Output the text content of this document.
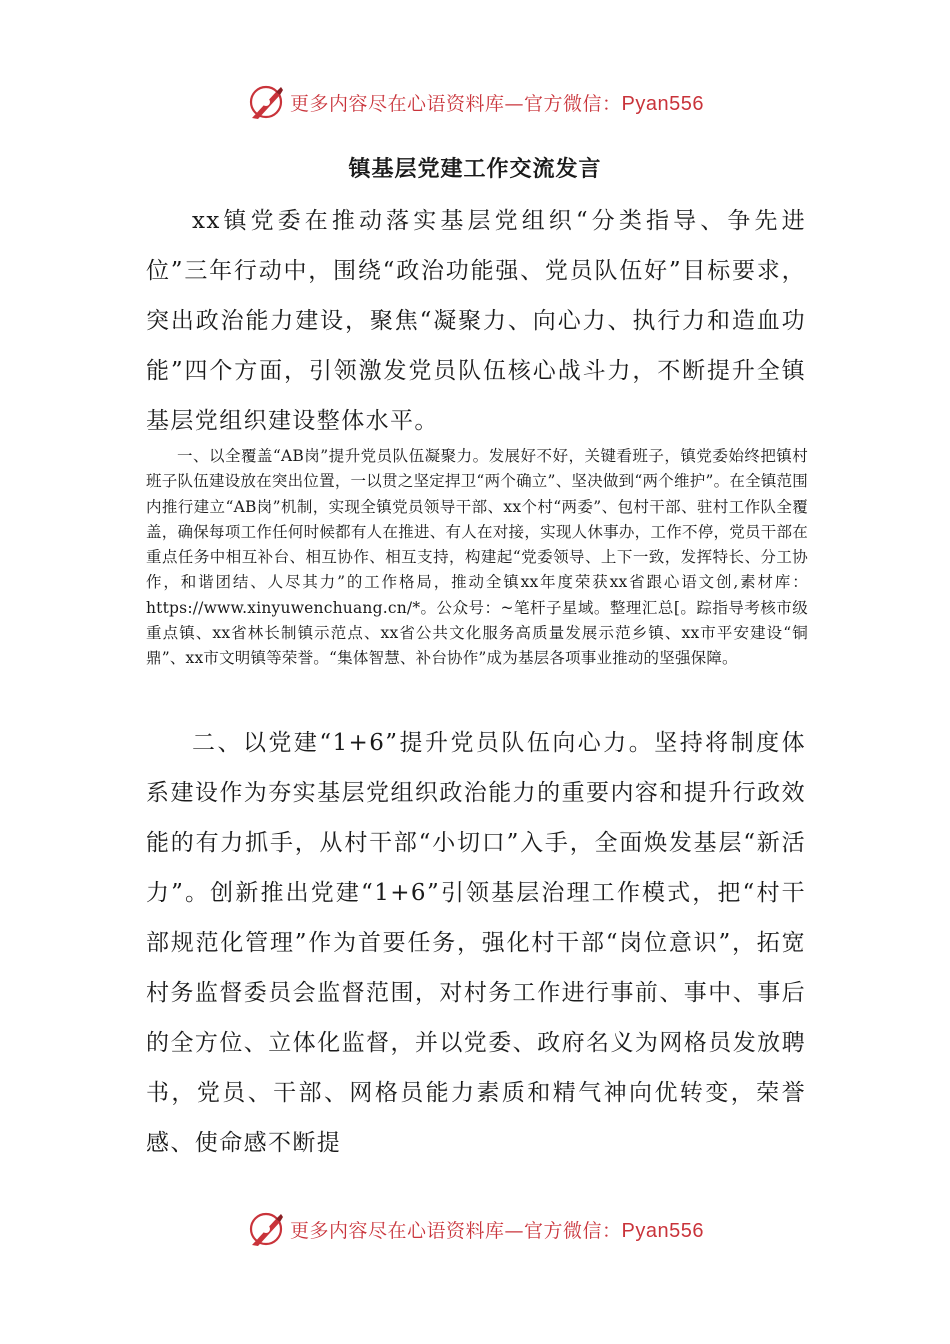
更多内容尽在心语资料库—官方微信：Pyan556
镇基层党建工作交流发言

xx镇党委在推动落实基层党组织“分类指导、争先进位”三年行动中，围绕“政治功能强、党员队伍好”目标要求，突出政治能力建设，聚焦“凝聚力、向心力、执行力和造血功能”四个方面，引领激发党员队伍核心战斗力，不断提升全镇基层党组织建设整体水平。

一、以全覆盖“AB岗”提升党员队伍凝聚力。发展好不好，关键看班子，镇党委始终把镇村班子队伍建设放在突出位置，一以贯之坚定捍卫“两个确立”、坚决做到“两个维护”。在全镇范围内推行建立“AB岗”机制，实现全镇党员领导干部、xx个村“两委”、包村干部、驻村工作队全覆盖，确保每项工作任何时候都有人在推进、有人在对接，实现人休事办，工作不停，党员干部在重点任务中相互补台、相互协作、相互支持，构建起“党委领导、上下一致，发挥特长、分工协作，和谐团结、人尽其力”的工作格局，推动全镇xx年度荣获xx省跟心语文创,素材库：https://www.xinyuwenchuang.cn/*。公众号：~笔杆子星域。整理汇总[。踪指导考核市级重点镇、xx省林长制镇示范点、xx省公共文化服务高质量发展示范乡镇、xx市平安建设“铜鼎”、xx市文明镇等荣誉。“集体智慧、补台协作”成为基层各项事业推动的坚强保障。

二、以党建“1+6”提升党员队伍向心力。坚持将制度体系建设作为夯实基层党组织政治能力的重要内容和提升行政效能的有力抓手，从村干部“小切口”入手，全面焕发基层“新活力”。创新推出党建“1+6”引领基层治理工作模式，把“村干部规范化管理”作为首要任务，强化村干部“岗位意识”，拓宽村务监督委员会监督范围，对村务工作进行事前、事中、事后的全方位、立体化监督，并以党委、政府名义为网格员发放聘书，党员、干部、网格员能力素质和精气神向优转变，荣誉感、使命感不断提

更多内容尽在心语资料库—官方微信：Pyan556
